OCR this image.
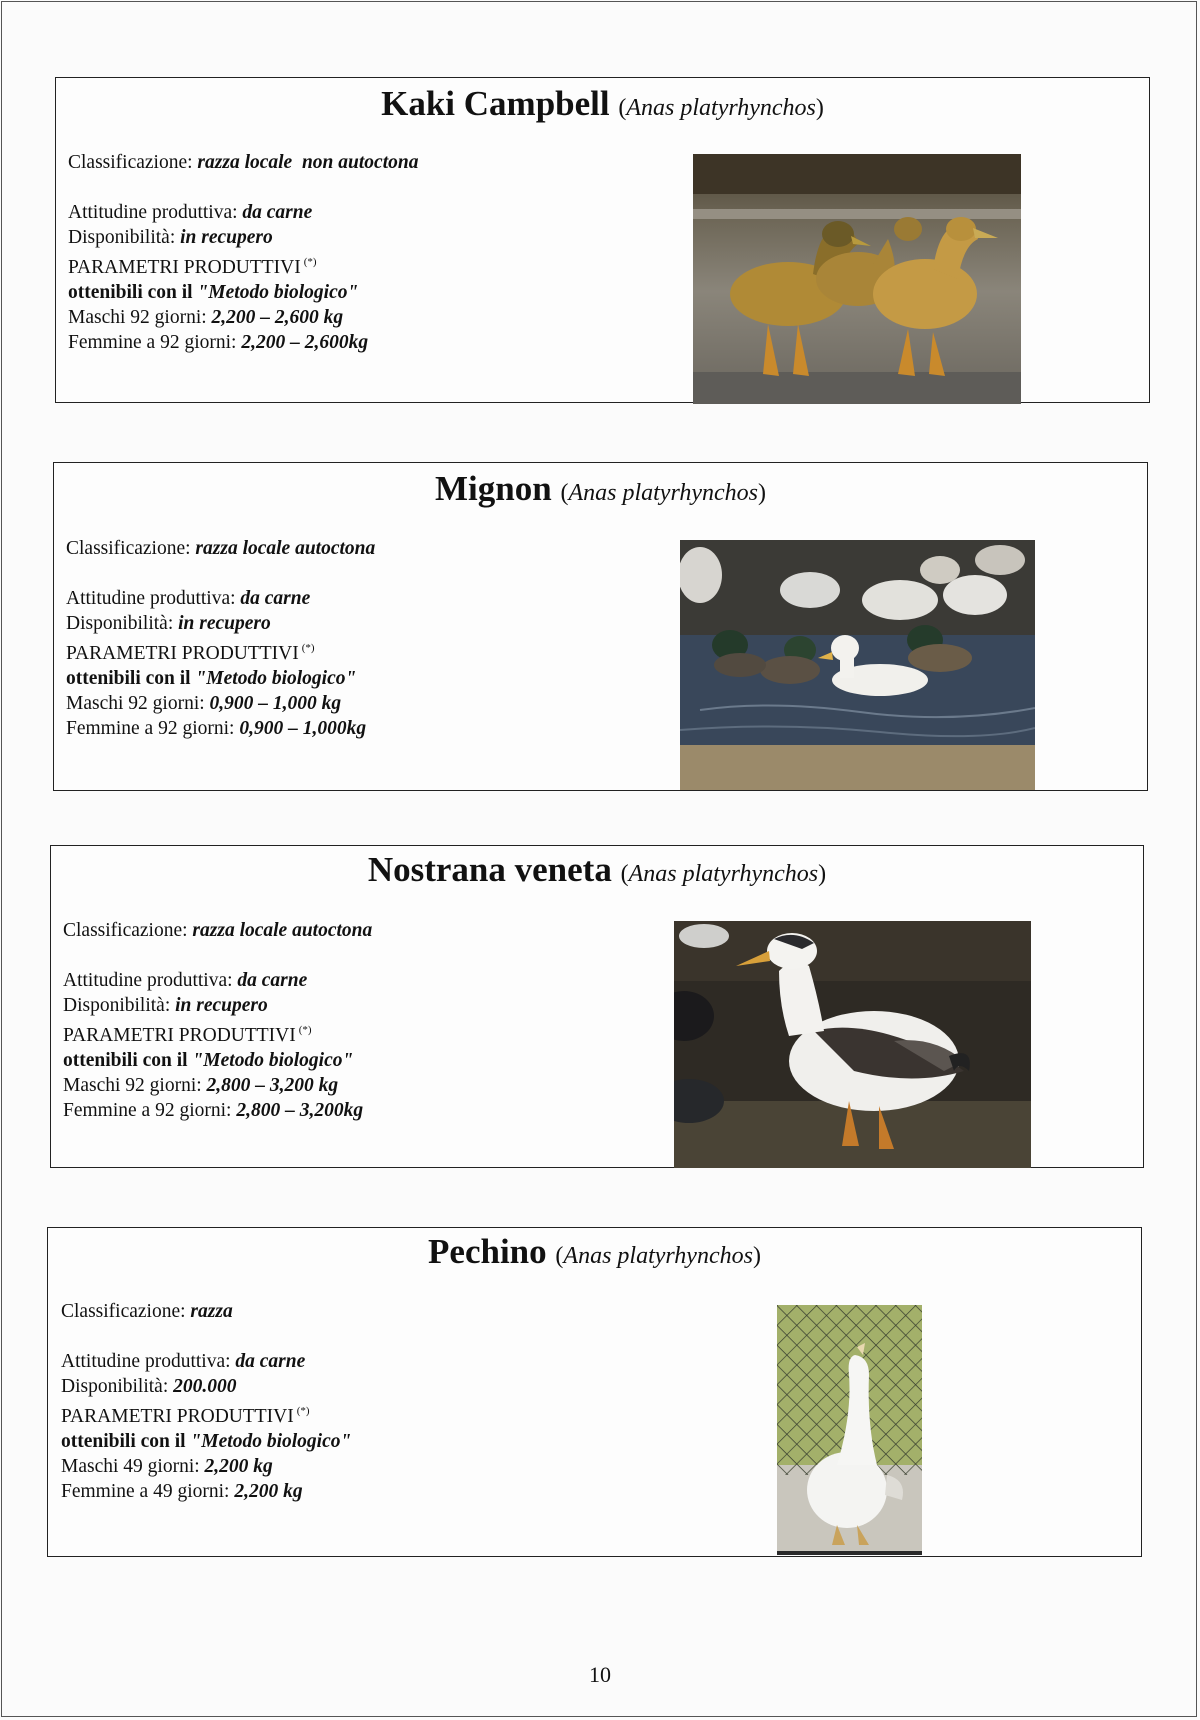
Kaki Campbell (Anas platyrhynchos)
Classificazione: razza locale  non autoctona
Attitudine produttiva: da carne
Disponibilità: in recupero
PARAMETRI PRODUTTIVI (*)
ottenibili con il "Metodo biologico"
Maschi 92 giorni: 2,200 – 2,600 kg
Femmine a 92 giorni: 2,200 – 2,600kg
Mignon (Anas platyrhynchos)
Classificazione: razza locale autoctona
Attitudine produttiva: da carne
Disponibilità: in recupero
PARAMETRI PRODUTTIVI (*)
ottenibili con il "Metodo biologico"
Maschi 92 giorni: 0,900 – 1,000 kg
Femmine a 92 giorni: 0,900 – 1,000kg
Nostrana veneta (Anas platyrhynchos)
Classificazione: razza locale autoctona
Attitudine produttiva: da carne
Disponibilità: in recupero
PARAMETRI PRODUTTIVI (*)
ottenibili con il "Metodo biologico"
Maschi 92 giorni: 2,800 – 3,200 kg
Femmine a 92 giorni: 2,800 – 3,200kg
Pechino (Anas platyrhynchos)
Classificazione: razza
Attitudine produttiva: da carne
Disponibilità: 200.000
PARAMETRI PRODUTTIVI (*)
ottenibili con il "Metodo biologico"
Maschi 49 giorni: 2,200 kg
Femmine a 49 giorni: 2,200 kg
10
